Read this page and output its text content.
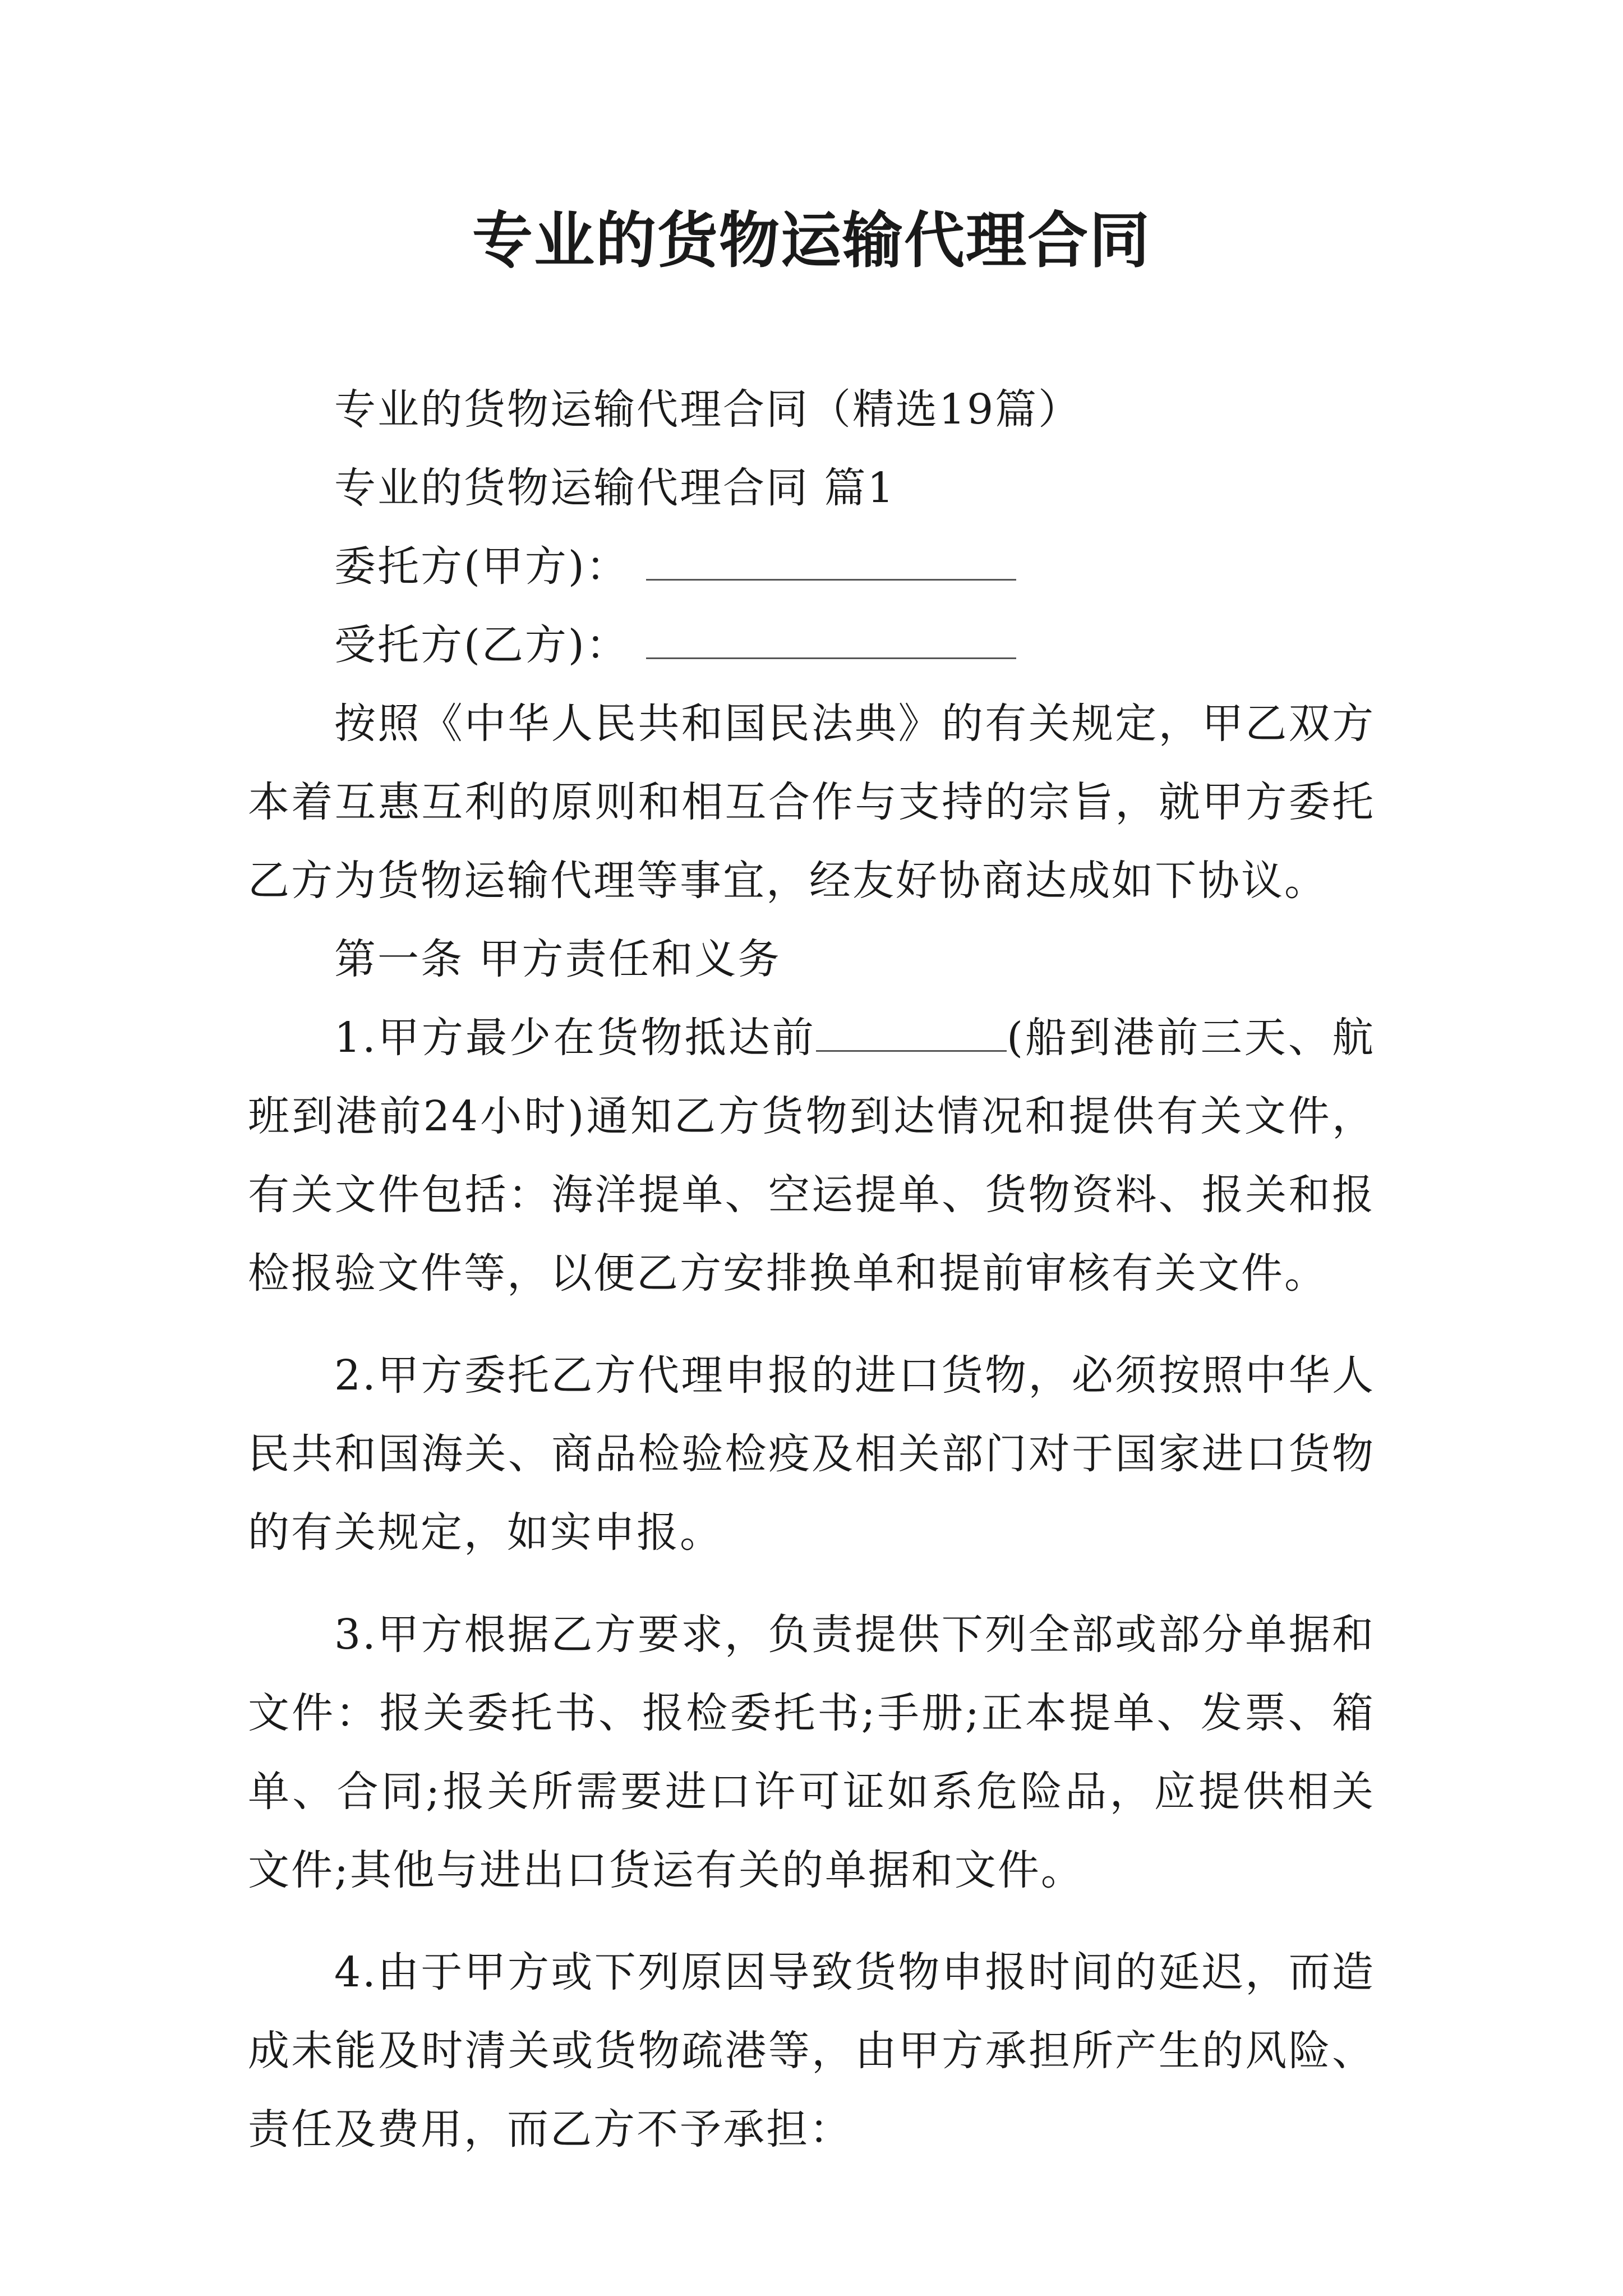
专业的货物运输代理合同

专业的货物运输代理合同（精选19篇）

专业的货物运输代理合同 篇1

委托方(甲方)：

受托方(乙方)：

按照《中华人民共和国民法典》的有关规定，甲乙双方本着互惠互利的原则和相互合作与支持的宗旨，就甲方委托乙方为货物运输代理等事宜，经友好协商达成如下协议。

第一条 甲方责任和义务

1.甲方最少在货物抵达前	(船到港前三天、航班到港前24小时)通知乙方货物到达情况和提供有关文件，有关文件包括：海洋提单、空运提单、货物资料、报关和报检报验文件等，以便乙方安排换单和提前审核有关文件。

2.甲方委托乙方代理申报的进口货物，必须按照中华人民共和国海关、商品检验检疫及相关部门对于国家进口货物的有关规定，如实申报。

3.甲方根据乙方要求，负责提供下列全部或部分单据和文件：报关委托书、报检委托书;手册;正本提单、发票、箱单、合同;报关所需要进口许可证如系危险品，应提供相关文件;其他与进出口货运有关的单据和文件。

4.由于甲方或下列原因导致货物申报时间的延迟，而造成未能及时清关或货物疏港等，由甲方承担所产生的风险、责任及费用，而乙方不予承担：
